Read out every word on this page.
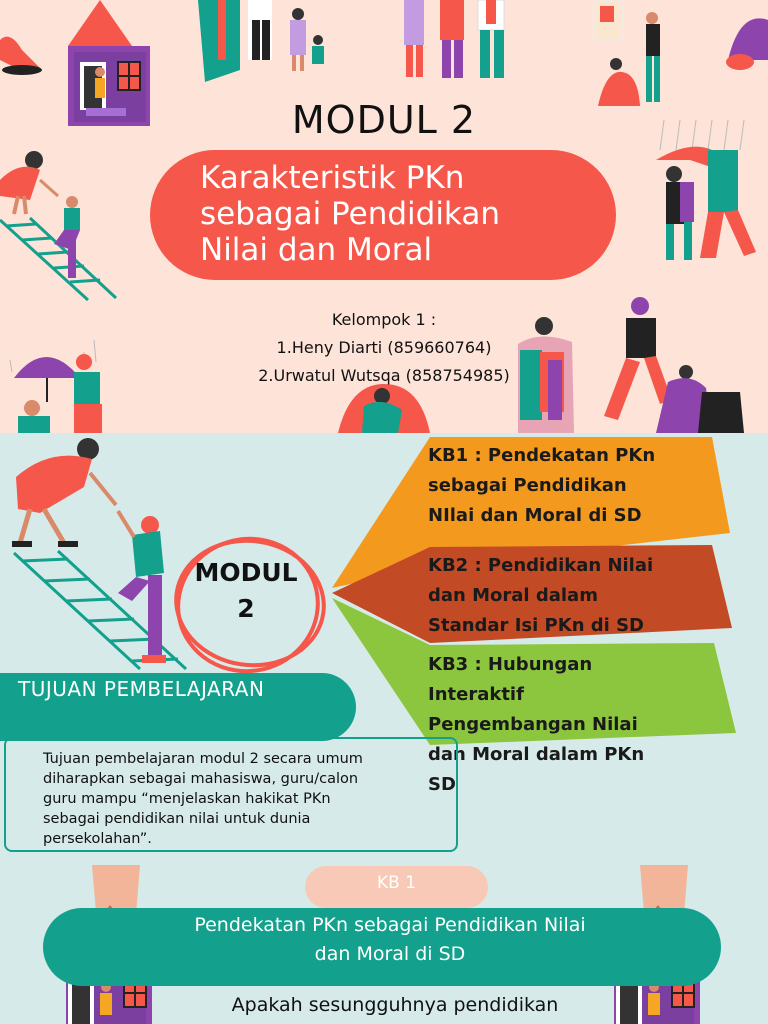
MODUL 2
Karakteristik PKn
sebagai Pendidikan
Nilai dan Moral
Kelompok 1 :
1.Heny Diarti (859660764)
2.Urwatul Wutsqa (858754985)
MODUL
2
KB1 : Pendekatan PKn
sebagai Pendidikan
NIlai dan Moral di SD
KB2 : Pendidikan Nilai
dan Moral dalam
Standar Isi PKn di SD
KB3 : Hubungan
Interaktif
Pengembangan Nilai
dan Moral dalam PKn
SD
TUJUAN PEMBELAJARAN
Tujuan pembelajaran modul 2 secara umum
diharapkan sebagai mahasiswa, guru/calon
guru mampu “menjelaskan hakikat PKn
sebagai pendidikan nilai untuk dunia
persekolahan”.
KB 1
Pendekatan PKn sebagai Pendidikan Nilai
dan Moral di SD
Apakah sesungguhnya pendidikan
